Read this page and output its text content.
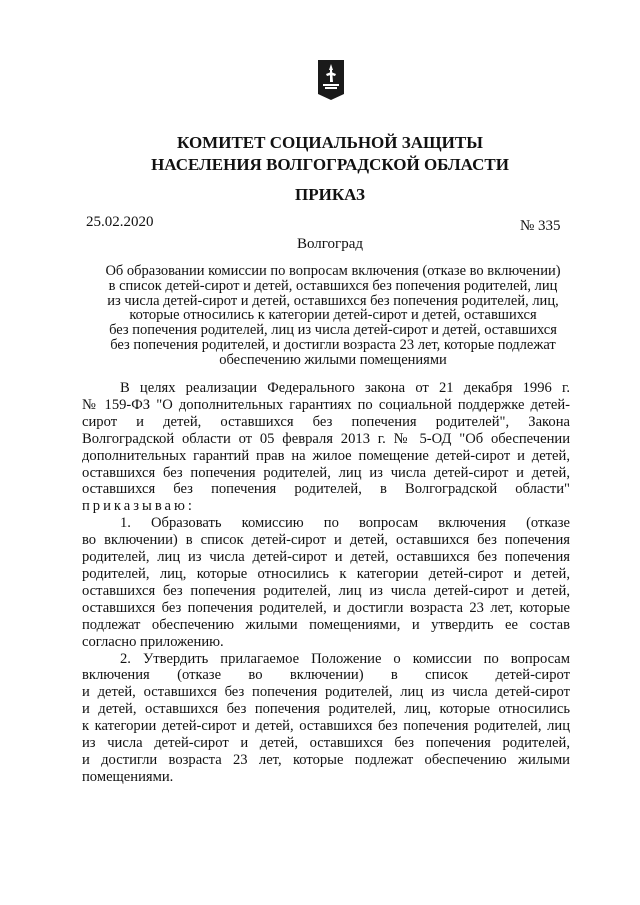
КОМИТЕТ СОЦИАЛЬНОЙ ЗАЩИТЫ
НАСЕЛЕНИЯ ВОЛГОГРАДСКОЙ ОБЛАСТИ
ПРИКАЗ
25.02.2020	№ 335
Волгоград
Об образовании комиссии по вопросам включения (отказе во включении)
в список детей-сирот и детей, оставшихся без попечения родителей, лиц
из числа детей-сирот и детей, оставшихся без попечения родителей, лиц,
которые относились к категории детей-сирот и детей, оставшихся
без попечения родителей, лиц из числа детей-сирот и детей, оставшихся
без попечения родителей, и достигли возраста 23 лет, которые подлежат
обеспечению жилыми помещениями
В целях реализации Федерального закона от 21 декабря 1996 г.
№ 159-ФЗ "О дополнительных гарантиях по социальной поддержке детей-
сирот и детей, оставшихся без попечения родителей", Закона
Волгоградской области от 05 февраля 2013 г. № 5-ОД "Об обеспечении
дополнительных гарантий прав на жилое помещение детей-сирот и детей,
оставшихся без попечения родителей, лиц из числа детей-сирот и детей,
оставшихся без попечения родителей, в Волгоградской области"
приказываю:
1. Образовать комиссию по вопросам включения (отказе
во включении) в список детей-сирот и детей, оставшихся без попечения
родителей, лиц из числа детей-сирот и детей, оставшихся без попечения
родителей, лиц, которые относились к категории детей-сирот и детей,
оставшихся без попечения родителей, лиц из числа детей-сирот и детей,
оставшихся без попечения родителей, и достигли возраста 23 лет, которые
подлежат обеспечению жилыми помещениями, и утвердить ее состав
согласно приложению.
2. Утвердить прилагаемое Положение о комиссии по вопросам
включения (отказе во включении) в список детей-сирот
и детей, оставшихся без попечения родителей, лиц из числа детей-сирот
и детей, оставшихся без попечения родителей, лиц, которые относились
к категории детей-сирот и детей, оставшихся без попечения родителей, лиц
из числа детей-сирот и детей, оставшихся без попечения родителей,
и достигли возраста 23 лет, которые подлежат обеспечению жилыми
помещениями.
